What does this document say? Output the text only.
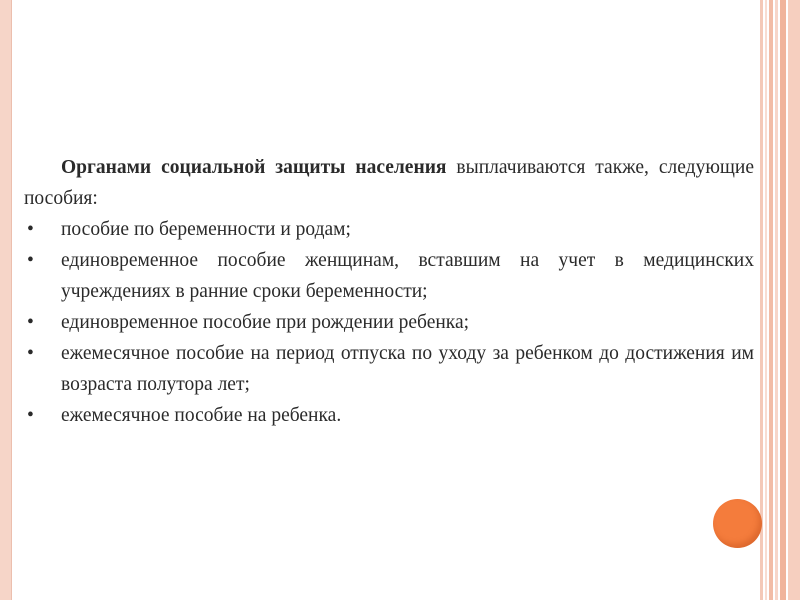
Органами социальной защиты населения выплачиваются также, следующие пособия:

• пособие по беременности и родам;
• единовременное пособие женщинам, вставшим на учет в медицинских учреждениях в ранние сроки беременности;
• единовременное пособие при рождении ребенка;
• ежемесячное пособие на период отпуска по уходу за ребенком до достижения им возраста полутора лет;
• ежемесячное пособие на ребенка.
